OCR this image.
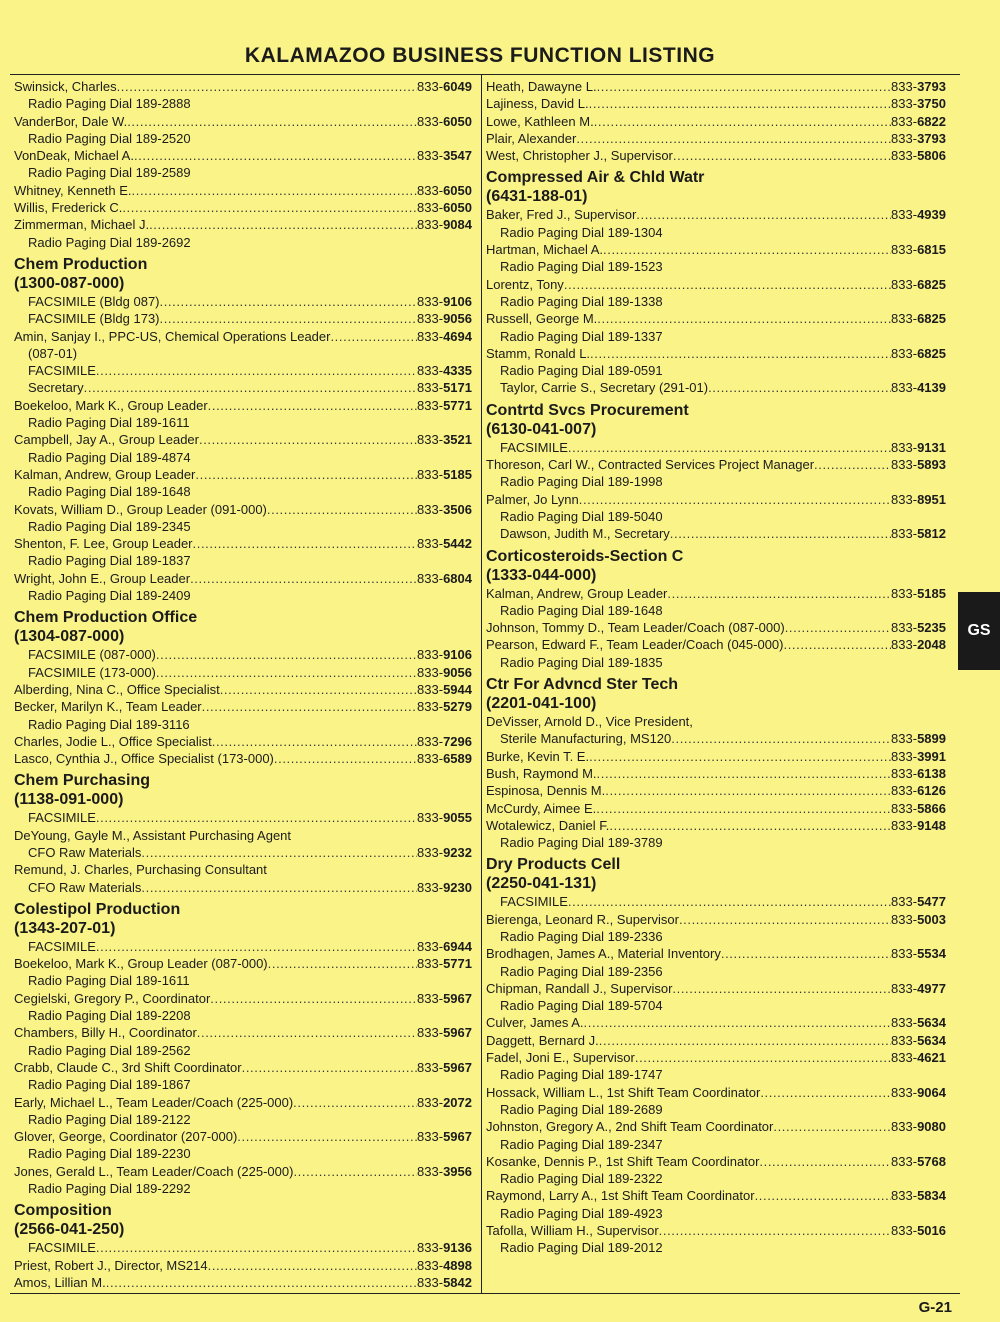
KALAMAZOO BUSINESS FUNCTION LISTING
Swinsick, Charles .....	833-6049
Radio Paging Dial 189-2888
VanderBor, Dale W. .....	833-6050
Radio Paging Dial 189-2520
VonDeak, Michael A. .....	833-3547
Radio Paging Dial 189-2589
Whitney, Kenneth E. .....	833-6050
Willis, Frederick C. .....	833-6050
Zimmerman, Michael J. .....	833-9084
Radio Paging Dial 189-2692
Chem Production
(1300-087-000)
FACSIMILE (Bldg 087) .....	833-9106
FACSIMILE (Bldg 173) .....	833-9056
Amin, Sanjay I., PPC-US, Chemical Operations Leader .....	833-4694
(087-01)
FACSIMILE .....	833-4335
Secretary .....	833-5171
Boekeloo, Mark K., Group Leader .....	833-5771
Radio Paging Dial 189-1611
Campbell, Jay A., Group Leader .....	833-3521
Radio Paging Dial 189-4874
Kalman, Andrew, Group Leader .....	833-5185
Radio Paging Dial 189-1648
Kovats, William D., Group Leader (091-000) .....	833-3506
Radio Paging Dial 189-2345
Shenton, F. Lee, Group Leader .....	833-5442
Radio Paging Dial 189-1837
Wright, John E., Group Leader .....	833-6804
Radio Paging Dial 189-2409
Chem Production Office
(1304-087-000)
FACSIMILE (087-000) .....	833-9106
FACSIMILE (173-000) .....	833-9056
Alberding, Nina C., Office Specialist .....	833-5944
Becker, Marilyn K., Team Leader .....	833-5279
Radio Paging Dial 189-3116
Charles, Jodie L., Office Specialist .....	833-7296
Lasco, Cynthia J., Office Specialist (173-000) .....	833-6589
Chem Purchasing
(1138-091-000)
FACSIMILE .....	833-9055
DeYoung, Gayle M., Assistant Purchasing Agent
CFO Raw Materials .....	833-9232
Remund, J. Charles, Purchasing Consultant
CFO Raw Materials .....	833-9230
Colestipol Production
(1343-207-01)
FACSIMILE .....	833-6944
Boekeloo, Mark K., Group Leader (087-000) .....	833-5771
Radio Paging Dial 189-1611
Cegielski, Gregory P., Coordinator .....	833-5967
Radio Paging Dial 189-2208
Chambers, Billy H., Coordinator .....	833-5967
Radio Paging Dial 189-2562
Crabb, Claude C., 3rd Shift Coordinator .....	833-5967
Radio Paging Dial 189-1867
Early, Michael L., Team Leader/Coach (225-000) .....	833-2072
Radio Paging Dial 189-2122
Glover, George, Coordinator (207-000) .....	833-5967
Radio Paging Dial 189-2230
Jones, Gerald L., Team Leader/Coach (225-000) .....	833-3956
Radio Paging Dial 189-2292
Composition
(2566-041-250)
FACSIMILE .....	833-9136
Priest, Robert J., Director, MS214 .....	833-4898
Amos, Lillian M. .....	833-5842
Heath, Dawayne L. .....	833-3793
Lajiness, David L. .....	833-3750
Lowe, Kathleen M. .....	833-6822
Plair, Alexander .....	833-3793
West, Christopher J., Supervisor .....	833-5806
Compressed Air & Chld Watr
(6431-188-01)
Baker, Fred J., Supervisor .....	833-4939
Radio Paging Dial 189-1304
Hartman, Michael A. .....	833-6815
Radio Paging Dial 189-1523
Lorentz, Tony .....	833-6825
Radio Paging Dial 189-1338
Russell, George M. .....	833-6825
Radio Paging Dial 189-1337
Stamm, Ronald L. .....	833-6825
Radio Paging Dial 189-0591
Taylor, Carrie S., Secretary (291-01) .....	833-4139
Contrtd Svcs Procurement
(6130-041-007)
FACSIMILE .....	833-9131
Thoreson, Carl W., Contracted Services Project Manager .....	833-5893
Radio Paging Dial 189-1998
Palmer, Jo Lynn .....	833-8951
Radio Paging Dial 189-5040
Dawson, Judith M., Secretary .....	833-5812
Corticosteroids-Section C
(1333-044-000)
Kalman, Andrew, Group Leader .....	833-5185
Radio Paging Dial 189-1648
Johnson, Tommy D., Team Leader/Coach (087-000) .....	833-5235
Pearson, Edward F., Team Leader/Coach (045-000) .....	833-2048
Radio Paging Dial 189-1835
Ctr For Advncd Ster Tech
(2201-041-100)
DeVisser, Arnold D., Vice President,
Sterile Manufacturing, MS120 .....	833-5899
Burke, Kevin T. E. .....	833-3991
Bush, Raymond M. .....	833-6138
Espinosa, Dennis M. .....	833-6126
McCurdy, Aimee E. .....	833-5866
Wotalewicz, Daniel F. .....	833-9148
Radio Paging Dial 189-3789
Dry Products Cell
(2250-041-131)
FACSIMILE .....	833-5477
Bierenga, Leonard R., Supervisor .....	833-5003
Radio Paging Dial 189-2336
Brodhagen, James A., Material Inventory .....	833-5534
Radio Paging Dial 189-2356
Chipman, Randall J., Supervisor .....	833-4977
Radio Paging Dial 189-5704
Culver, James A. .....	833-5634
Daggett, Bernard J. .....	833-5634
Fadel, Joni E., Supervisor .....	833-4621
Radio Paging Dial 189-1747
Hossack, William L., 1st Shift Team Coordinator .....	833-9064
Radio Paging Dial 189-2689
Johnston, Gregory A., 2nd Shift Team Coordinator .....	833-9080
Radio Paging Dial 189-2347
Kosanke, Dennis P., 1st Shift Team Coordinator .....	833-5768
Radio Paging Dial 189-2322
Raymond, Larry A., 1st Shift Team Coordinator .....	833-5834
Radio Paging Dial 189-4923
Tafolla, William H., Supervisor .....	833-5016
Radio Paging Dial 189-2012
GS
G-21
